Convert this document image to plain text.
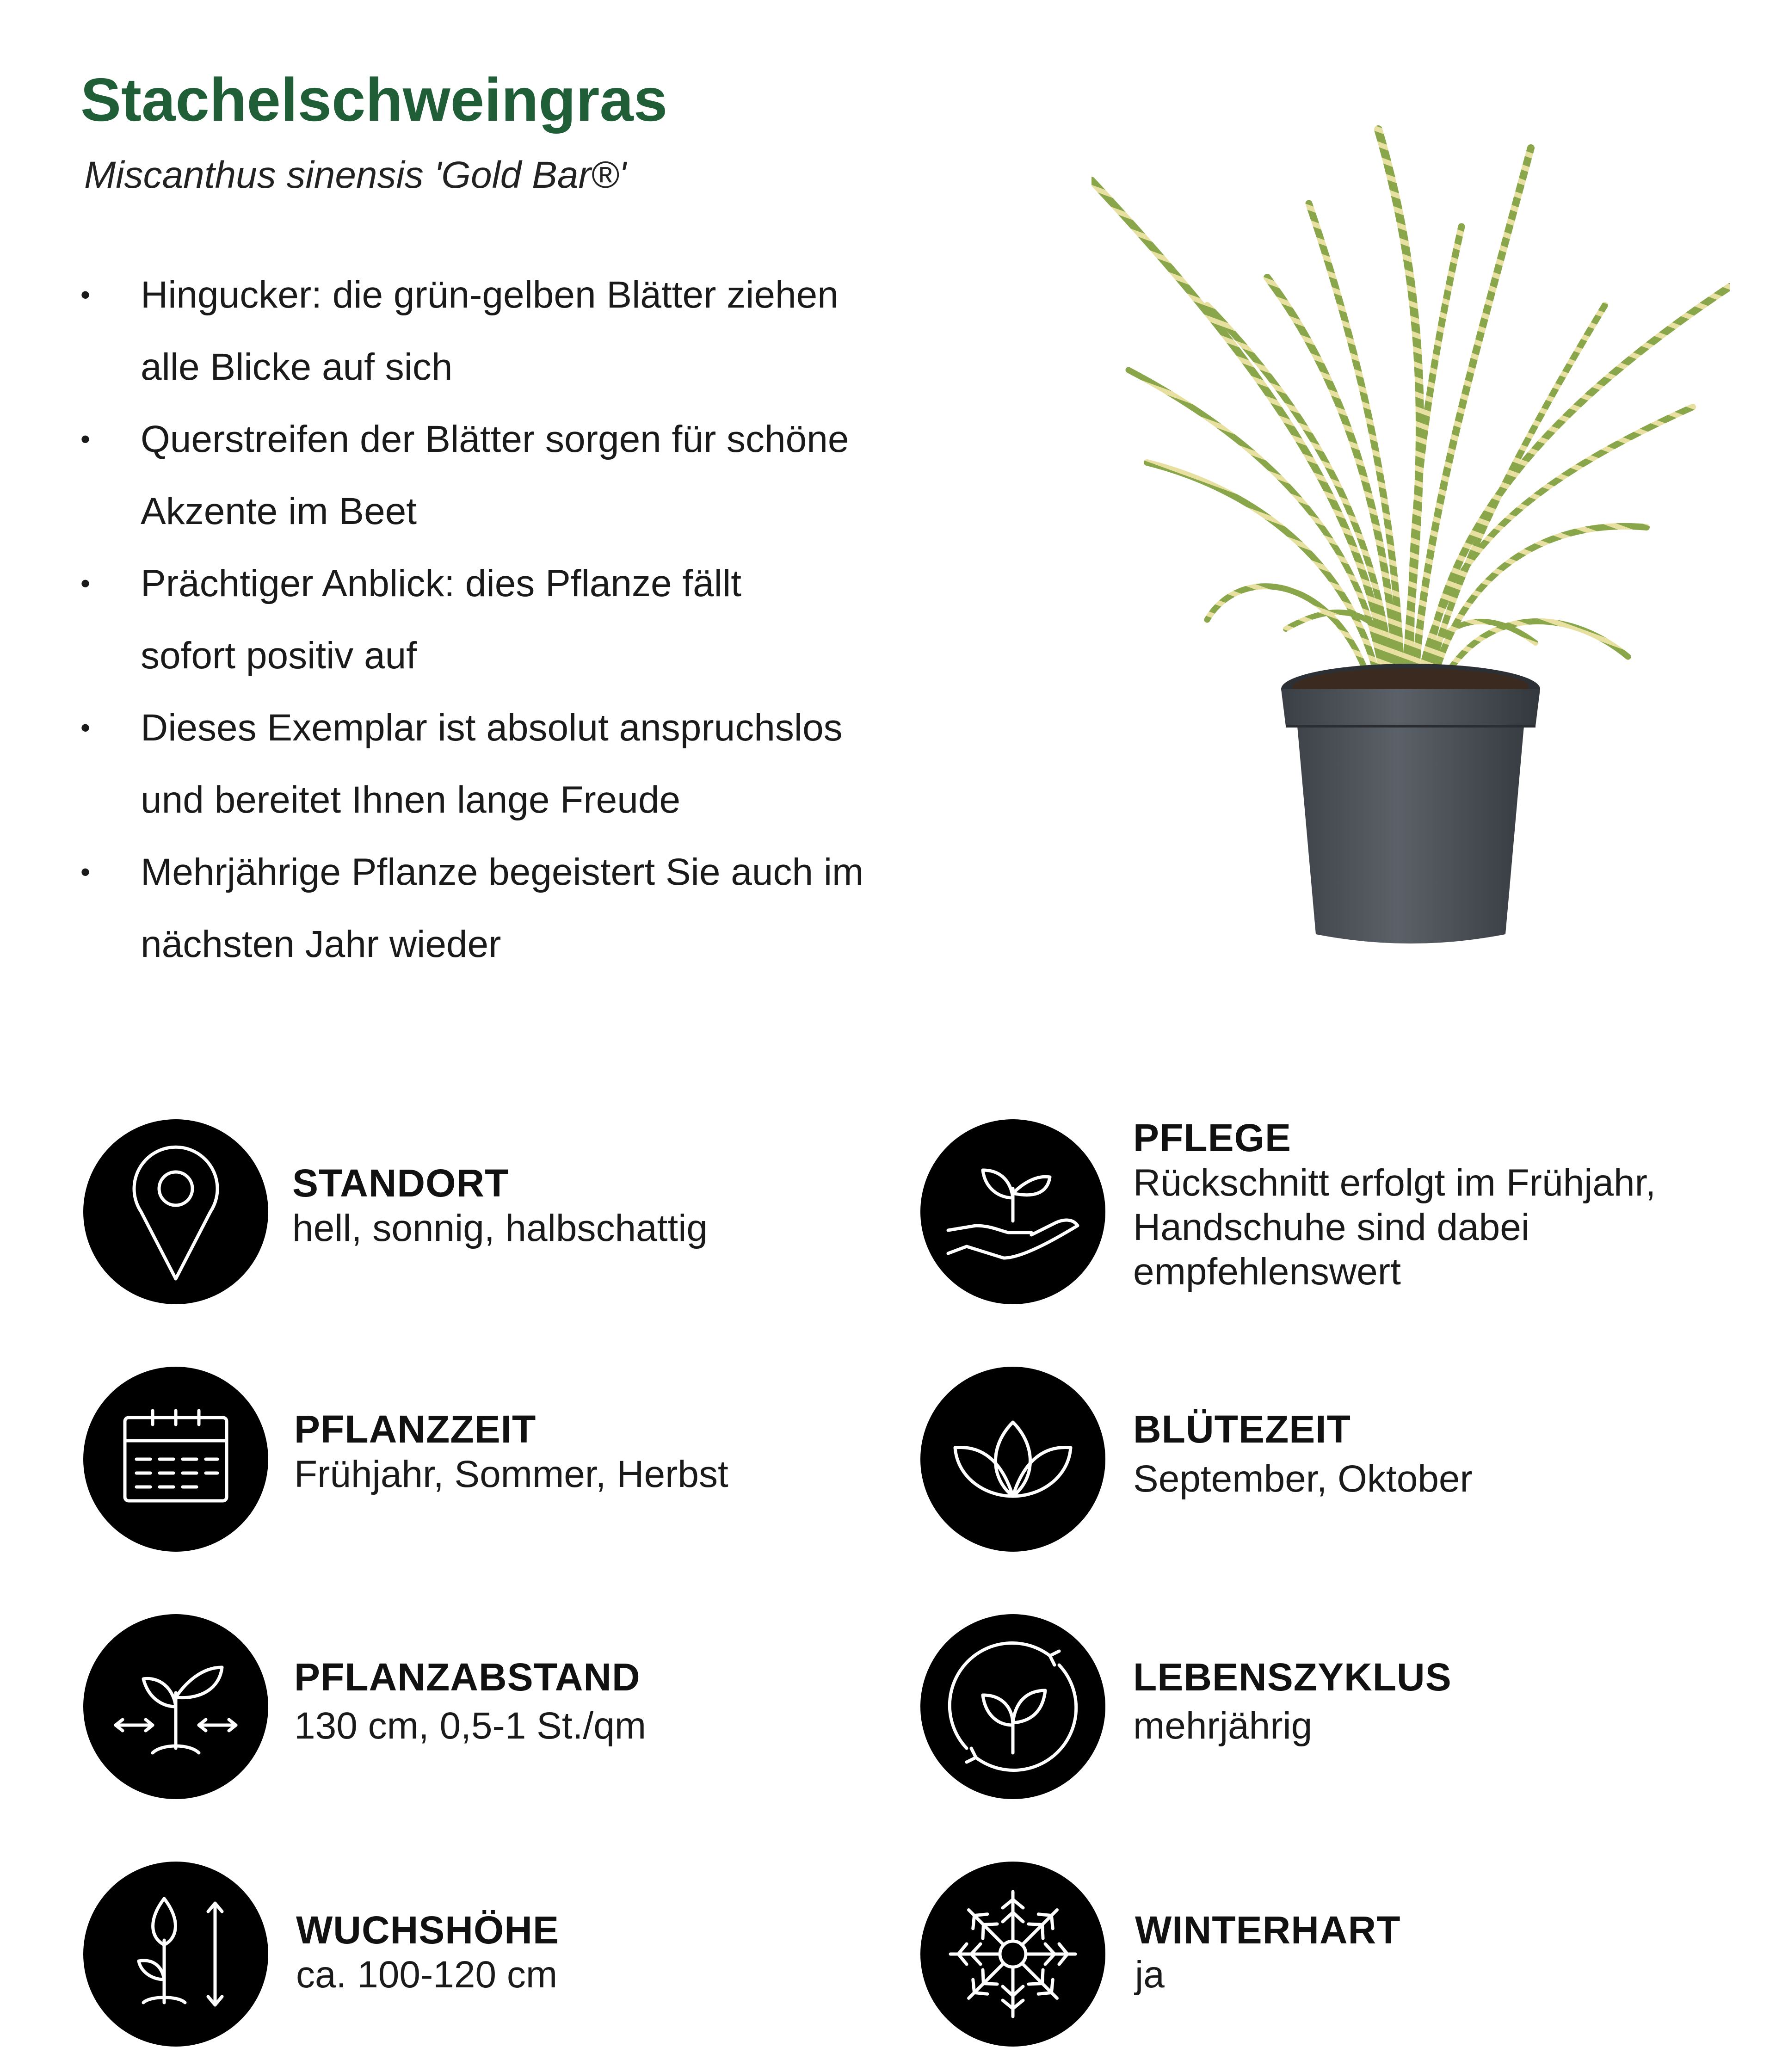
Stachelschweingras
Miscanthus sinensis 'Gold Bar®'
•	Hingucker: die grün-gelben Blätter ziehen
alle Blicke auf sich
•	Querstreifen der Blätter sorgen für schöne
Akzente im Beet
•	Prächtiger Anblick: dies Pflanze fällt
sofort positiv auf
•	Dieses Exemplar ist absolut anspruchslos
und bereitet Ihnen lange Freude
•	Mehrjährige Pflanze begeistert Sie auch im
nächsten Jahr wieder
STANDORT
hell, sonnig, halbschattig
PFLEGE
Rückschnitt erfolgt im Frühjahr,
Handschuhe sind dabei
empfehlenswert
PFLANZZEIT
Frühjahr, Sommer, Herbst
BLÜTEZEIT
September, Oktober
PFLANZABSTAND
130 cm, 0,5-1 St./qm
LEBENSZYKLUS
mehrjährig
WUCHSHÖHE
ca. 100-120 cm
WINTERHART
ja
